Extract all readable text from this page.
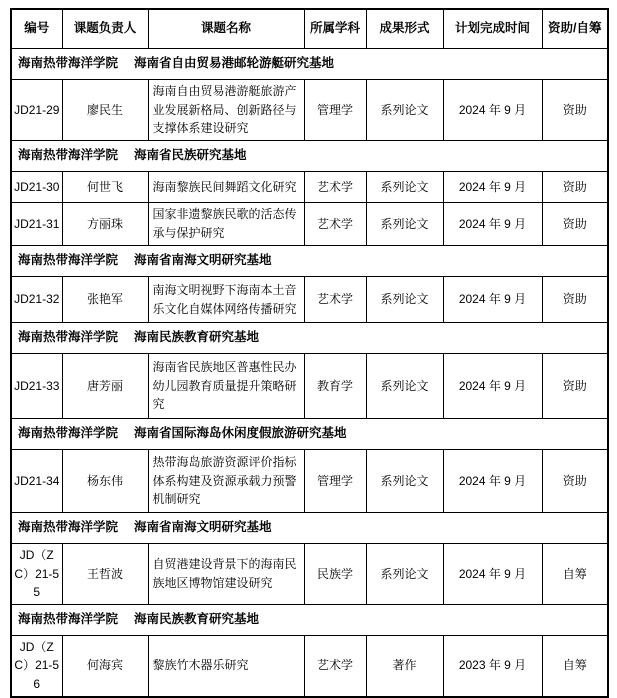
编号	课题负责人	课题名称	所属学科	成果形式	计划完成时间	资助/自筹
海南热带海洋学院　 海南省自由贸易港邮轮游艇研究基地						
JD21-29	廖民生	海南自由贸易港游艇旅游产业发展新格局、创新路径与支撑体系建设研究	管理学	系列论文	2024 年 9 月	资助
海南热带海洋学院　 海南省民族研究基地						
JD21-30	何世飞	海南黎族民间舞蹈文化研究	艺术学	系列论文	2024 年 9 月	资助
JD21-31	方丽珠	国家非遗黎族民歌的活态传承与保护研究	艺术学	系列论文	2024 年 9 月	资助
海南热带海洋学院　 海南省南海文明研究基地						
JD21-32	张艳军	南海文明视野下海南本土音乐文化自媒体网络传播研究	艺术学	系列论文	2024 年 9 月	资助
海南热带海洋学院　 海南民族教育研究基地						
JD21-33	唐芳丽	海南省民族地区普惠性民办幼儿园教育质量提升策略研究	教育学	系列论文	2024 年 9 月	资助
海南热带海洋学院　 海南省国际海岛休闲度假旅游研究基地						
JD21-34	杨东伟	热带海岛旅游资源评价指标体系构建及资源承载力预警机制研究	管理学	系列论文	2024 年 9 月	资助
海南热带海洋学院　 海南省南海文明研究基地						
JD（ZC）21-55	王哲波	自贸港建设背景下的海南民族地区博物馆建设研究	民族学	系列论文	2024 年 9 月	自筹
海南热带海洋学院　 海南民族教育研究基地						
JD（ZC）21-56	何海宾	黎族竹木器乐研究	艺术学	著作	2023 年 9 月	自筹
